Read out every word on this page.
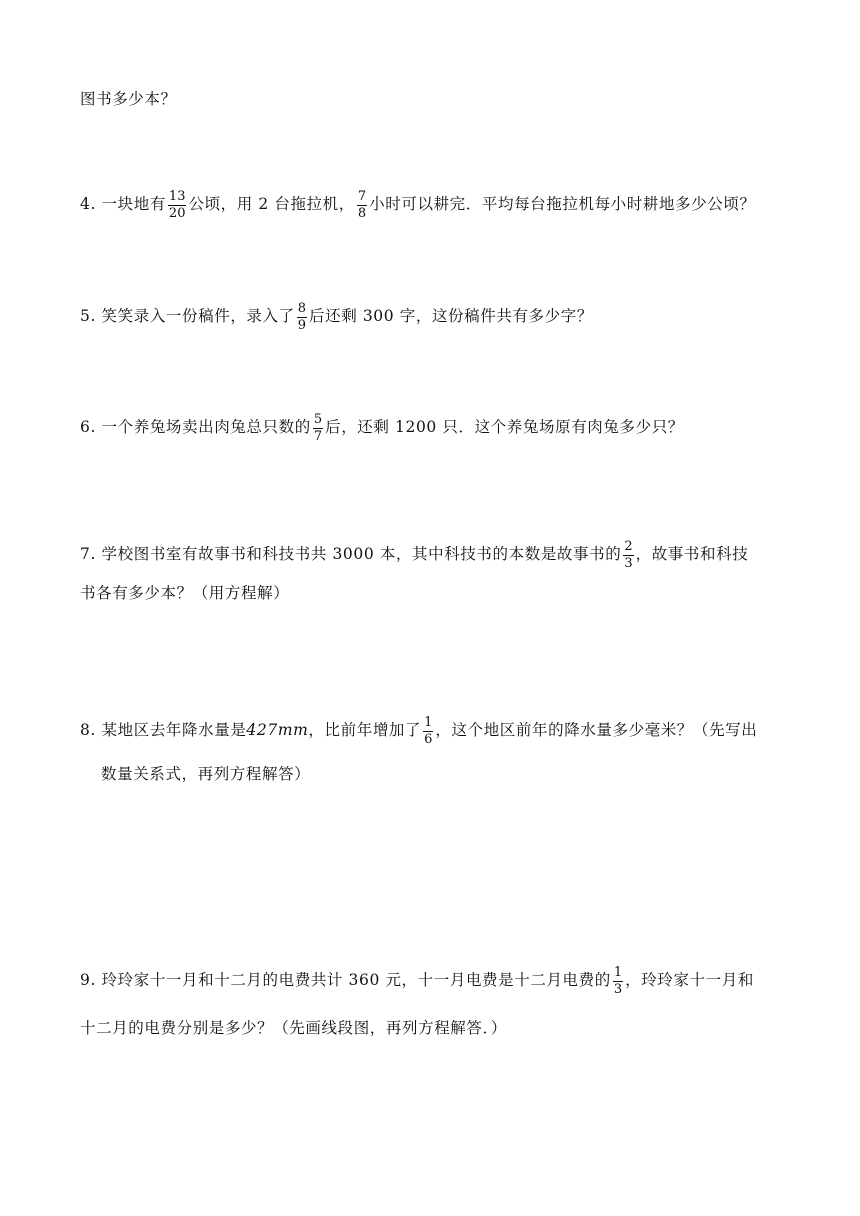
图书多少本？
4. 一块地有 $\frac{13}{20}$ 公顷，用 2 台拖拉机， $\frac{7}{8}$ 小时可以耕完．平均每台拖拉机每小时耕地多少公顷？
5. 笑笑录入一份稿件，录入了 $\frac{8}{9}$ 后还剩 300 字，这份稿件共有多少字？
6. 一个养兔场卖出肉兔总只数的 $\frac{5}{7}$ 后，还剩 1200 只．这个养兔场原有肉兔多少只？
7. 学校图书室有故事书和科技书共 3000 本，其中科技书的本数是故事书的 $\frac{2}{3}$ ，故事书和科技
书各有多少本？（用方程解）
8. 某地区去年降水量是427mm，比前年增加了 $\frac{1}{6}$ ，这个地区前年的降水量多少毫米？（先写出
数量关系式，再列方程解答）
9. 玲玲家十一月和十二月的电费共计 360 元，十一月电费是十二月电费的 $\frac{1}{3}$ ，玲玲家十一月和
十二月的电费分别是多少？（先画线段图，再列方程解答．）
